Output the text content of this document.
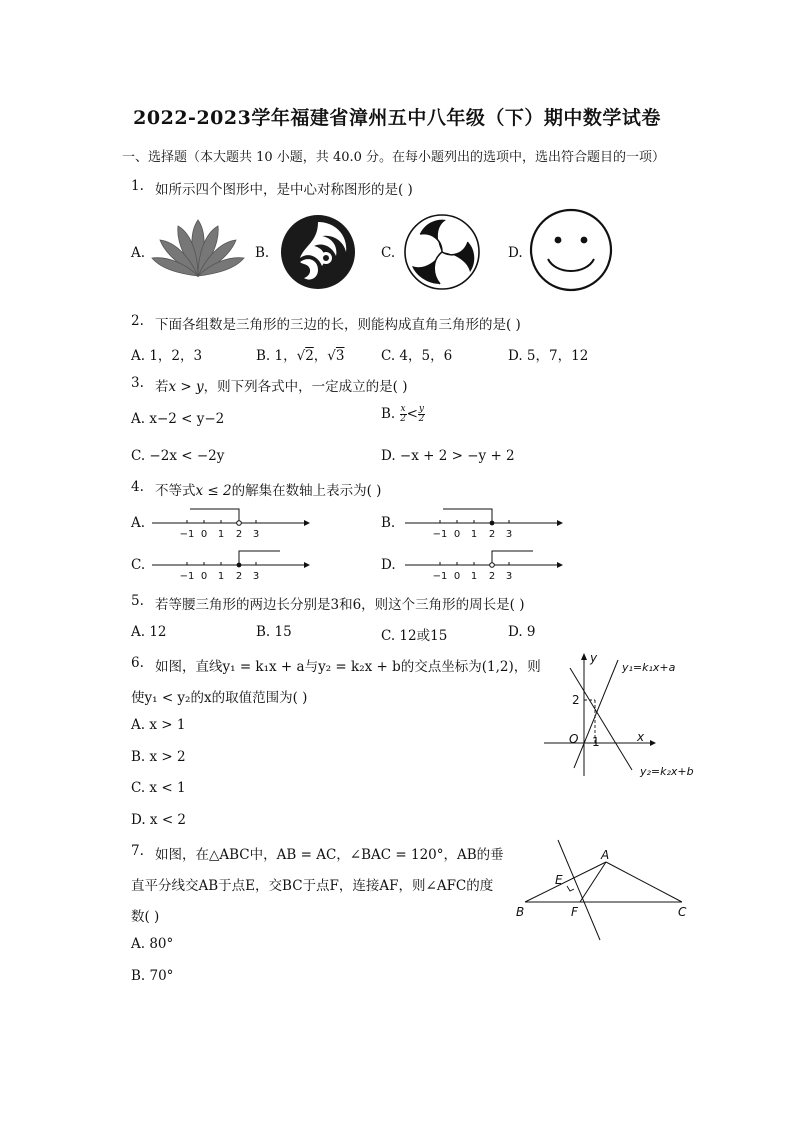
2022-2023学年福建省漳州五中八年级（下）期中数学试卷
一、选择题（本大题共 10 小题，共 40.0 分。在每小题列出的选项中，选出符合题目的一项）
1. 如所示四个图形中，是中心对称图形的是( )
A.	B.	C.	D.
2. 下面各组数是三角形的三边的长，则能构成直角三角形的是( )
A. 1，2，3	B. 1，√2，√3	C. 4，5，6	D. 5，7，12
3. 若x > y，则下列各式中，一定成立的是( )
A. x−2 < y−2	B. $\frac{x}{2} < \frac{y}{2}$
C. −2x < −2y	D. −x + 2 > −y + 2
4. 不等式x ≤ 2的解集在数轴上表示为( )
A.
−1 0 1 2 3
B.
−1 0 1 2 3
C.
−1 0 1 2 3
D.
−1 0 1 2 3
5. 若等腰三角形的两边长分别是3和6，则这个三角形的周长是( )
A. 12	B. 15	C. 12或15	D. 9
6. 如图，直线y₁ = k₁x + a与y₂ = k₂x + b的交点坐标为(1,2)，则
使y₁ < y₂的x的取值范围为( )
A. x > 1
B. x > 2
C. x < 1
D. x < 2
y
x
O 1
2
y₁=k₁x+a
y₂=k₂x+b
7. 如图，在△ABC中，AB = AC，∠BAC = 120°，AB的垂
直平分线交AB于点E，交BC于点F，连接AF，则∠AFC的度
数( )
A. 80°
B. 70°
A
B	C
E
F
